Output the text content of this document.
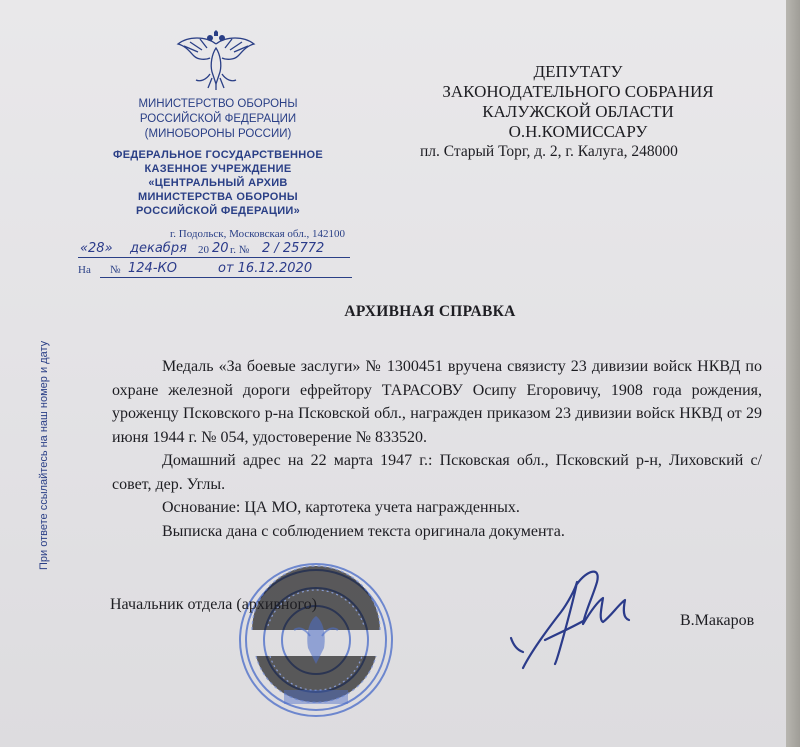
МИНИСТЕРСТВО ОБОРОНЫ
РОССИЙСКОЙ ФЕДЕРАЦИИ
(МИНОБОРОНЫ РОССИИ)
ФЕДЕРАЛЬНОЕ ГОСУДАРСТВЕННОЕ
КАЗЕННОЕ УЧРЕЖДЕНИЕ
«ЦЕНТРАЛЬНЫЙ АРХИВ
МИНИСТЕРСТВА ОБОРОНЫ
РОССИЙСКОЙ ФЕДЕРАЦИИ»
г. Подольск, Московская обл., 142100
«28» декабря 20 20 г. № 2 / 25772
На № 124-КО	от 16.12.2020
ДЕПУТАТУ
ЗАКОНОДАТЕЛЬНОГО СОБРАНИЯ
КАЛУЖСКОЙ ОБЛАСТИ
О.Н.КОМИССАРУ
пл. Старый Торг, д. 2, г. Калуга, 248000
При ответе ссылайтесь на наш номер и дату
АРХИВНАЯ СПРАВКА

Медаль «За боевые заслуги» № 1300451 вручена связисту 23 дивизии войск НКВД по охране железной дороги ефрейтору ТАРАСОВУ Осипу Егоровичу, 1908 года рождения, уроженцу Псковского р-на Псковской обл., награжден приказом 23 дивизии войск НКВД от 29 июня 1944 г. № 054, удостоверение № 833520.

Домашний адрес на 22 марта 1947 г.: Псковская обл., Псковский р-н, Лиховский с/совет, дер. Углы.

Основание: ЦА МО, картотека учета награжденных.

Выписка дана с соблюдением текста оригинала документа.

Начальник отдела (архивного)
В.Макаров
